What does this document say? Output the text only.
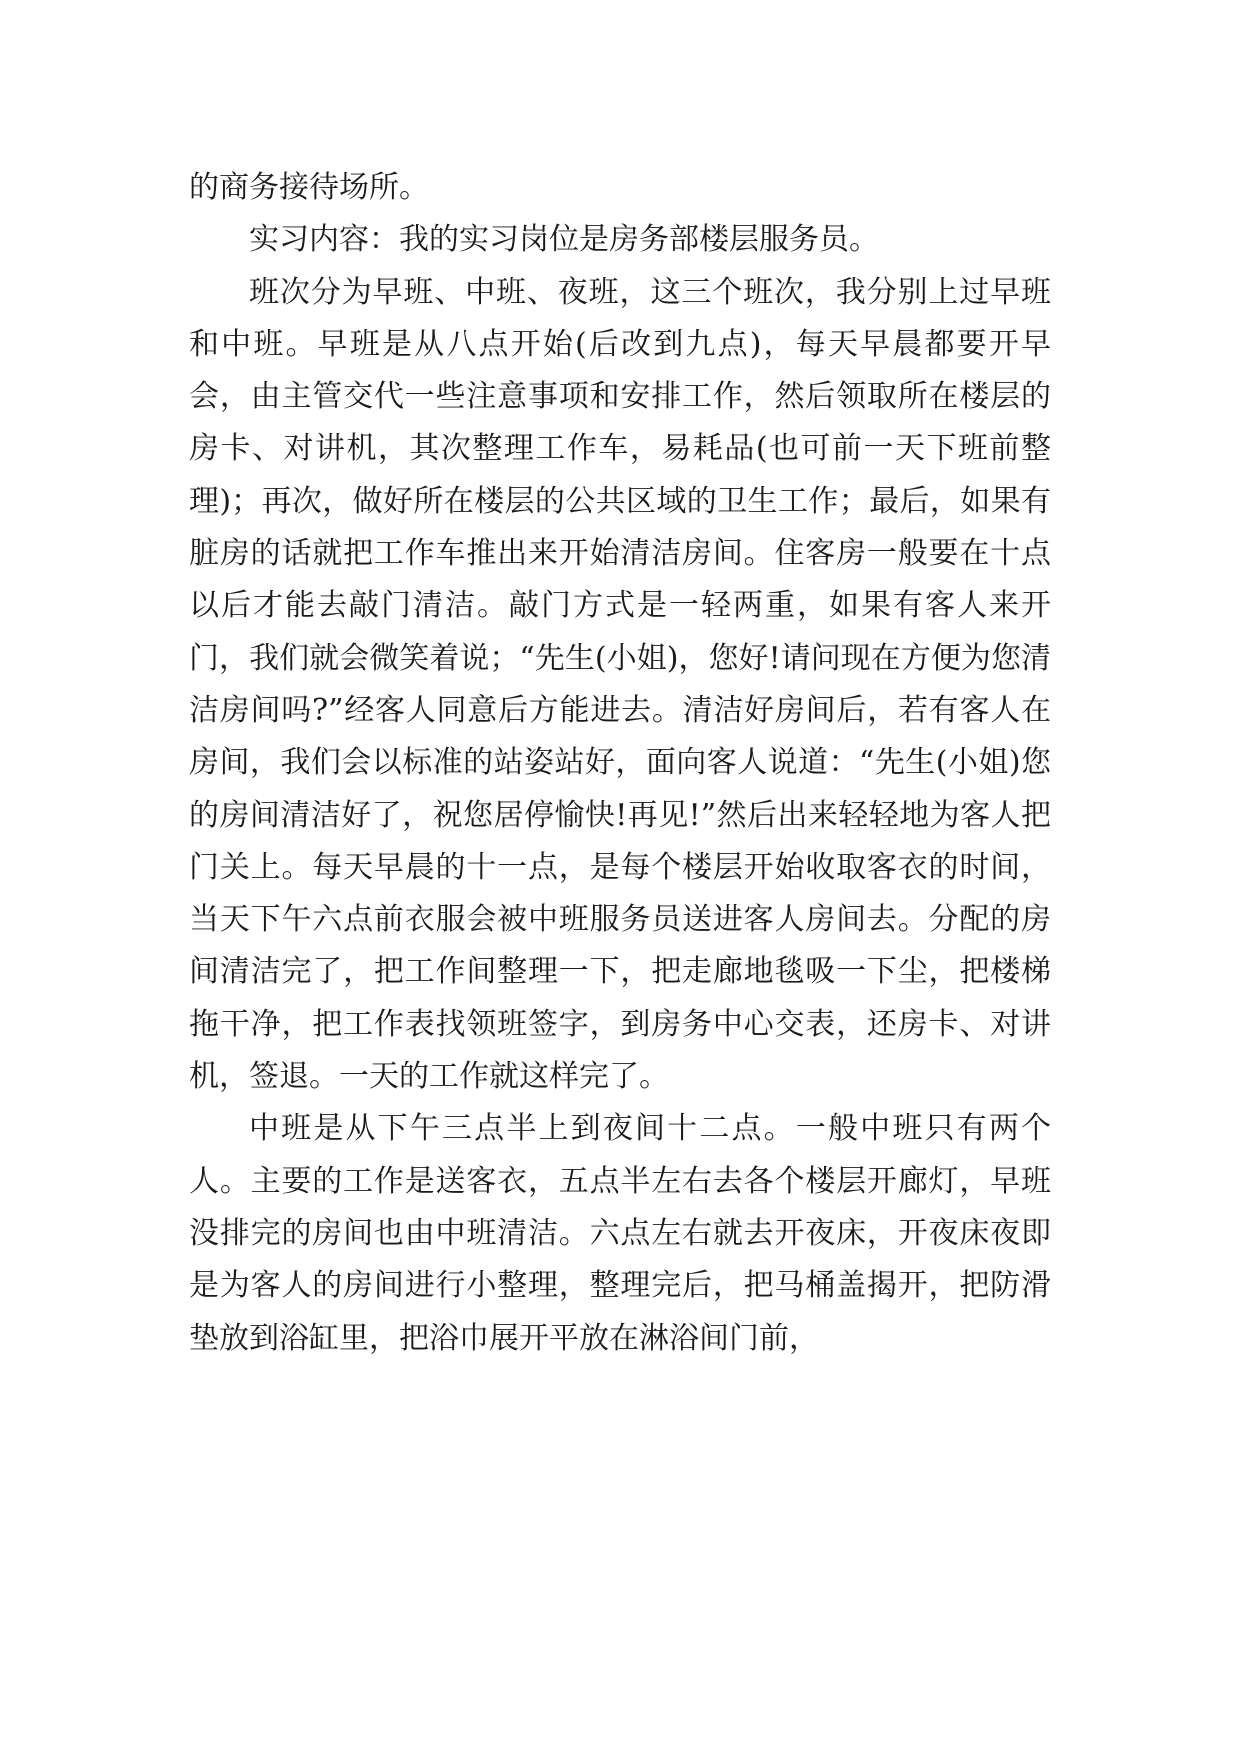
的商务接待场所。

实习内容：我的实习岗位是房务部楼层服务员。

班次分为早班、中班、夜班，这三个班次，我分别上过早班和中班。早班是从八点开始(后改到九点)，每天早晨都要开早会，由主管交代一些注意事项和安排工作，然后领取所在楼层的房卡、对讲机，其次整理工作车，易耗品(也可前一天下班前整理)；再次，做好所在楼层的公共区域的卫生工作；最后，如果有脏房的话就把工作车推出来开始清洁房间。住客房一般要在十点以后才能去敲门清洁。敲门方式是一轻两重，如果有客人来开门，我们就会微笑着说；“先生(小姐)，您好!请问现在方便为您清洁房间吗?”经客人同意后方能进去。清洁好房间后，若有客人在房间，我们会以标准的站姿站好，面向客人说道：“先生(小姐)您的房间清洁好了，祝您居停愉快!再见!”然后出来轻轻地为客人把门关上。每天早晨的十一点，是每个楼层开始收取客衣的时间，当天下午六点前衣服会被中班服务员送进客人房间去。分配的房间清洁完了，把工作间整理一下，把走廊地毯吸一下尘，把楼梯拖干净，把工作表找领班签字，到房务中心交表，还房卡、对讲机，签退。一天的工作就这样完了。

中班是从下午三点半上到夜间十二点。一般中班只有两个人。主要的工作是送客衣，五点半左右去各个楼层开廊灯，早班没排完的房间也由中班清洁。六点左右就去开夜床，开夜床夜即是为客人的房间进行小整理，整理完后，把马桶盖揭开，把防滑垫放到浴缸里，把浴巾展开平放在淋浴间门前，
